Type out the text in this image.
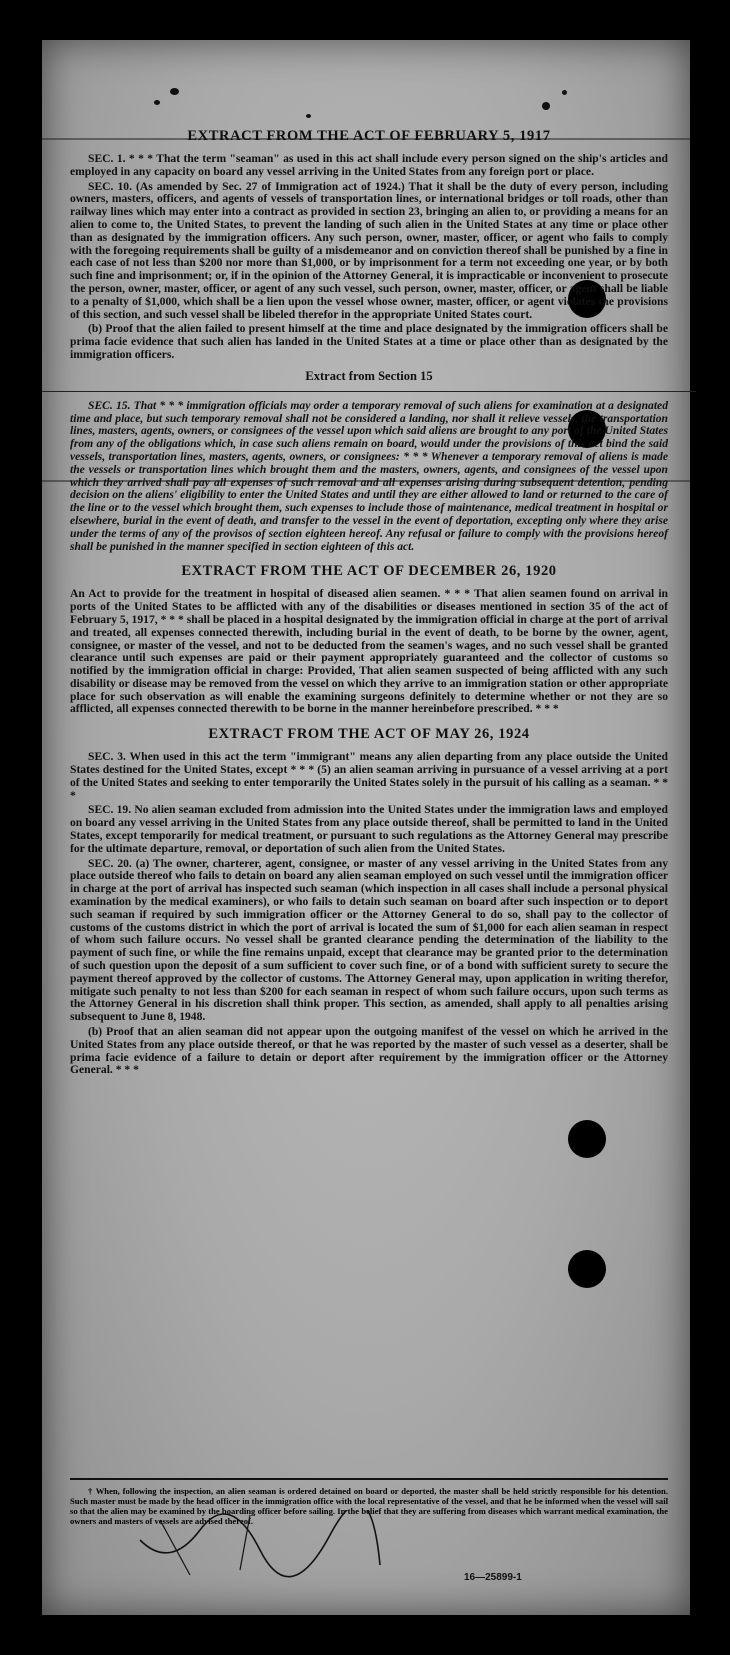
EXTRACT FROM THE ACT OF FEBRUARY 5, 1917

SEC. 1. * * * That the term "seaman" as used in this act shall include every person signed on the ship's articles and employed in any capacity on board any vessel arriving in the United States from any foreign port or place.

SEC. 10. (As amended by Sec. 27 of Immigration act of 1924.) That it shall be the duty of every person, including owners, masters, officers, and agents of vessels of transportation lines, or international bridges or toll roads, other than railway lines which may enter into a contract as provided in section 23, bringing an alien to, or providing a means for an alien to come to, the United States, to prevent the landing of such alien in the United States at any time or place other than as designated by the immigration officers. Any such person, owner, master, officer, or agent who fails to comply with the foregoing requirements shall be guilty of a misdemeanor and on conviction thereof shall be punished by a fine in each case of not less than $200 nor more than $1,000, or by imprisonment for a term not exceeding one year, or by both such fine and imprisonment; or, if in the opinion of the Attorney General, it is impracticable or inconvenient to prosecute the person, owner, master, officer, or agent of any such vessel, such person, owner, master, officer, or agent shall be liable to a penalty of $1,000, which shall be a lien upon the vessel whose owner, master, officer, or agent violates the provisions of this section, and such vessel shall be libeled therefor in the appropriate United States court.

(b) Proof that the alien failed to present himself at the time and place designated by the immigration officers shall be prima facie evidence that such alien has landed in the United States at a time or place other than as designated by the immigration officers.

Extract from Section 15

SEC. 15. That * * * immigration officials may order a temporary removal of such aliens for examination at a designated time and place, but such temporary removal shall not be considered a landing, nor shall it relieve vessels, the transportation lines, masters, agents, owners, or consignees of the vessel upon which said aliens are brought to any port of the United States from any of the obligations which, in case such aliens remain on board, would under the provisions of this act bind the said vessels, transportation lines, masters, agents, owners, or consignees: * * * Whenever a temporary removal of aliens is made the vessels or transportation lines which brought them and the masters, owners, agents, and consignees of the vessel upon which they arrived shall pay all expenses of such removal and all expenses arising during subsequent detention, pending decision on the aliens' eligibility to enter the United States and until they are either allowed to land or returned to the care of the line or to the vessel which brought them, such expenses to include those of maintenance, medical treatment in hospital or elsewhere, burial in the event of death, and transfer to the vessel in the event of deportation, excepting only where they arise under the terms of any of the provisos of section eighteen hereof. Any refusal or failure to comply with the provisions hereof shall be punished in the manner specified in section eighteen of this act.

EXTRACT FROM THE ACT OF DECEMBER 26, 1920

An Act to provide for the treatment in hospital of diseased alien seamen. * * * That alien seamen found on arrival in ports of the United States to be afflicted with any of the disabilities or diseases mentioned in section 35 of the act of February 5, 1917, * * * shall be placed in a hospital designated by the immigration official in charge at the port of arrival and treated, all expenses connected therewith, including burial in the event of death, to be borne by the owner, agent, consignee, or master of the vessel, and not to be deducted from the seamen's wages, and no such vessel shall be granted clearance until such expenses are paid or their payment appropriately guaranteed and the collector of customs so notified by the immigration official in charge: Provided, That alien seamen suspected of being afflicted with any such disability or disease may be removed from the vessel on which they arrive to an immigration station or other appropriate place for such observation as will enable the examining surgeons definitely to determine whether or not they are so afflicted, all expenses connected therewith to be borne in the manner hereinbefore prescribed. * * *

EXTRACT FROM THE ACT OF MAY 26, 1924

SEC. 3. When used in this act the term "immigrant" means any alien departing from any place outside the United States destined for the United States, except * * * (5) an alien seaman arriving in pursuance of a vessel arriving at a port of the United States and seeking to enter temporarily the United States solely in the pursuit of his calling as a seaman. * * *

SEC. 19. No alien seaman excluded from admission into the United States under the immigration laws and employed on board any vessel arriving in the United States from any place outside thereof, shall be permitted to land in the United States, except temporarily for medical treatment, or pursuant to such regulations as the Attorney General may prescribe for the ultimate departure, removal, or deportation of such alien from the United States.

SEC. 20. (a) The owner, charterer, agent, consignee, or master of any vessel arriving in the United States from any place outside thereof who fails to detain on board any alien seaman employed on such vessel until the immigration officer in charge at the port of arrival has inspected such seaman (which inspection in all cases shall include a personal physical examination by the medical examiners), or who fails to detain such seaman on board after such inspection or to deport such seaman if required by such immigration officer or the Attorney General to do so, shall pay to the collector of customs of the customs district in which the port of arrival is located the sum of $1,000 for each alien seaman in respect of whom such failure occurs. No vessel shall be granted clearance pending the determination of the liability to the payment of such fine, or while the fine remains unpaid, except that clearance may be granted prior to the determination of such question upon the deposit of a sum sufficient to cover such fine, or of a bond with sufficient surety to secure the payment thereof approved by the collector of customs. The Attorney General may, upon application in writing therefor, mitigate such penalty to not less than $200 for each seaman in respect of whom such failure occurs, upon such terms as the Attorney General in his discretion shall think proper. This section, as amended, shall apply to all penalties arising subsequent to June 8, 1948.

(b) Proof that an alien seaman did not appear upon the outgoing manifest of the vessel on which he arrived in the United States from any place outside thereof, or that he was reported by the master of such vessel as a deserter, shall be prima facie evidence of a failure to detain or deport after requirement by the immigration officer or the Attorney General. * * *

† When, following the inspection, an alien seaman is ordered detained on board or deported, the master shall be held strictly responsible for his detention. Such master must be made by the head officer in the immigration office with the local representative of the vessel, and that he be informed when the vessel will sail so that the alien may be examined by the boarding officer before sailing. In the belief that they are suffering from diseases which warrant medical examination, the owners and masters of vessels are advised thereof.

16—25899-1
